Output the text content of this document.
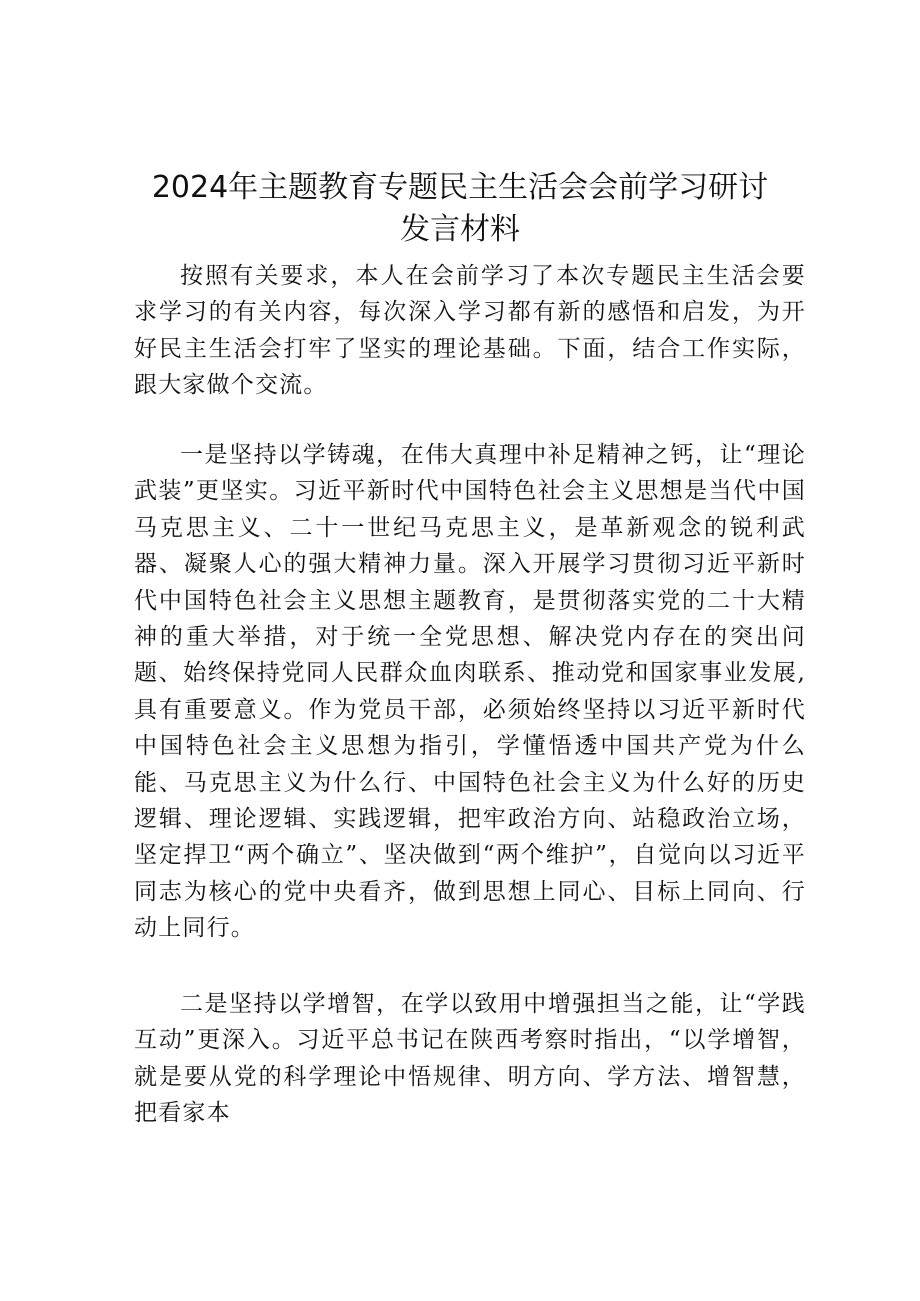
2024年主题教育专题民主生活会会前学习研讨
发言材料

按照有关要求，本人在会前学习了本次专题民主生活会要求学习的有关内容，每次深入学习都有新的感悟和启发，为开好民主生活会打牢了坚实的理论基础。下面，结合工作实际，跟大家做个交流。

一是坚持以学铸魂，在伟大真理中补足精神之钙，让“理论武装”更坚实。习近平新时代中国特色社会主义思想是当代中国马克思主义、二十一世纪马克思主义，是革新观念的锐利武器、凝聚人心的强大精神力量。深入开展学习贯彻习近平新时代中国特色社会主义思想主题教育，是贯彻落实党的二十大精神的重大举措，对于统一全党思想、解决党内存在的突出问题、始终保持党同人民群众血肉联系、推动党和国家事业发展,具有重要意义。作为党员干部，必须始终坚持以习近平新时代中国特色社会主义思想为指引，学懂悟透中国共产党为什么能、马克思主义为什么行、中国特色社会主义为什么好的历史逻辑、理论逻辑、实践逻辑，把牢政治方向、站稳政治立场，坚定捍卫“两个确立”、坚决做到“两个维护”，自觉向以习近平同志为核心的党中央看齐，做到思想上同心、目标上同向、行动上同行。

二是坚持以学增智，在学以致用中增强担当之能，让“学践互动”更深入。习近平总书记在陕西考察时指出，“以学增智，就是要从党的科学理论中悟规律、明方向、学方法、增智慧，把看家本
